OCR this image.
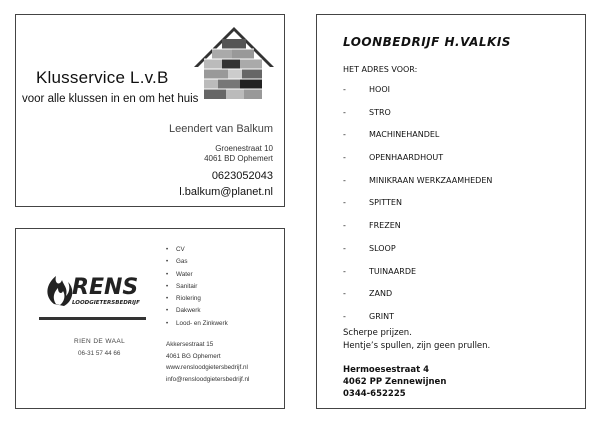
Klusservice L.v.B
voor alle klussen in en om het huis
Leendert van Balkum
Groenestraat 10
4061 BD Ophemert
0623052043
l.balkum@planet.nl
RENS
LOODGIETERSBEDRIJF
• CV
• Gas
• Water
• Sanitair
• Riolering
• Dakwerk
• Lood- en Zinkwerk
RIEN DE WAAL
06-31 57 44 66
Akkersestraat 15
4061 BG Ophemert
www.rensloodgietersbedrijf.nl
info@rensloodgietersbedrijf.nl
LOONBEDRIJF H.VALKIS
HET ADRES VOOR:
-	HOOI
-	STRO
-	MACHINEHANDEL
-	OPENHAARDHOUT
-	MINIKRAAN WERKZAAMHEDEN
-	SPITTEN
-	FREZEN
-	SLOOP
-	TUINAARDE
-	ZAND
-	GRINT
Scherpe prijzen.
Hentje’s spullen, zijn geen prullen.
Hermoesestraat 4
4062 PP Zennewijnen
0344-652225
